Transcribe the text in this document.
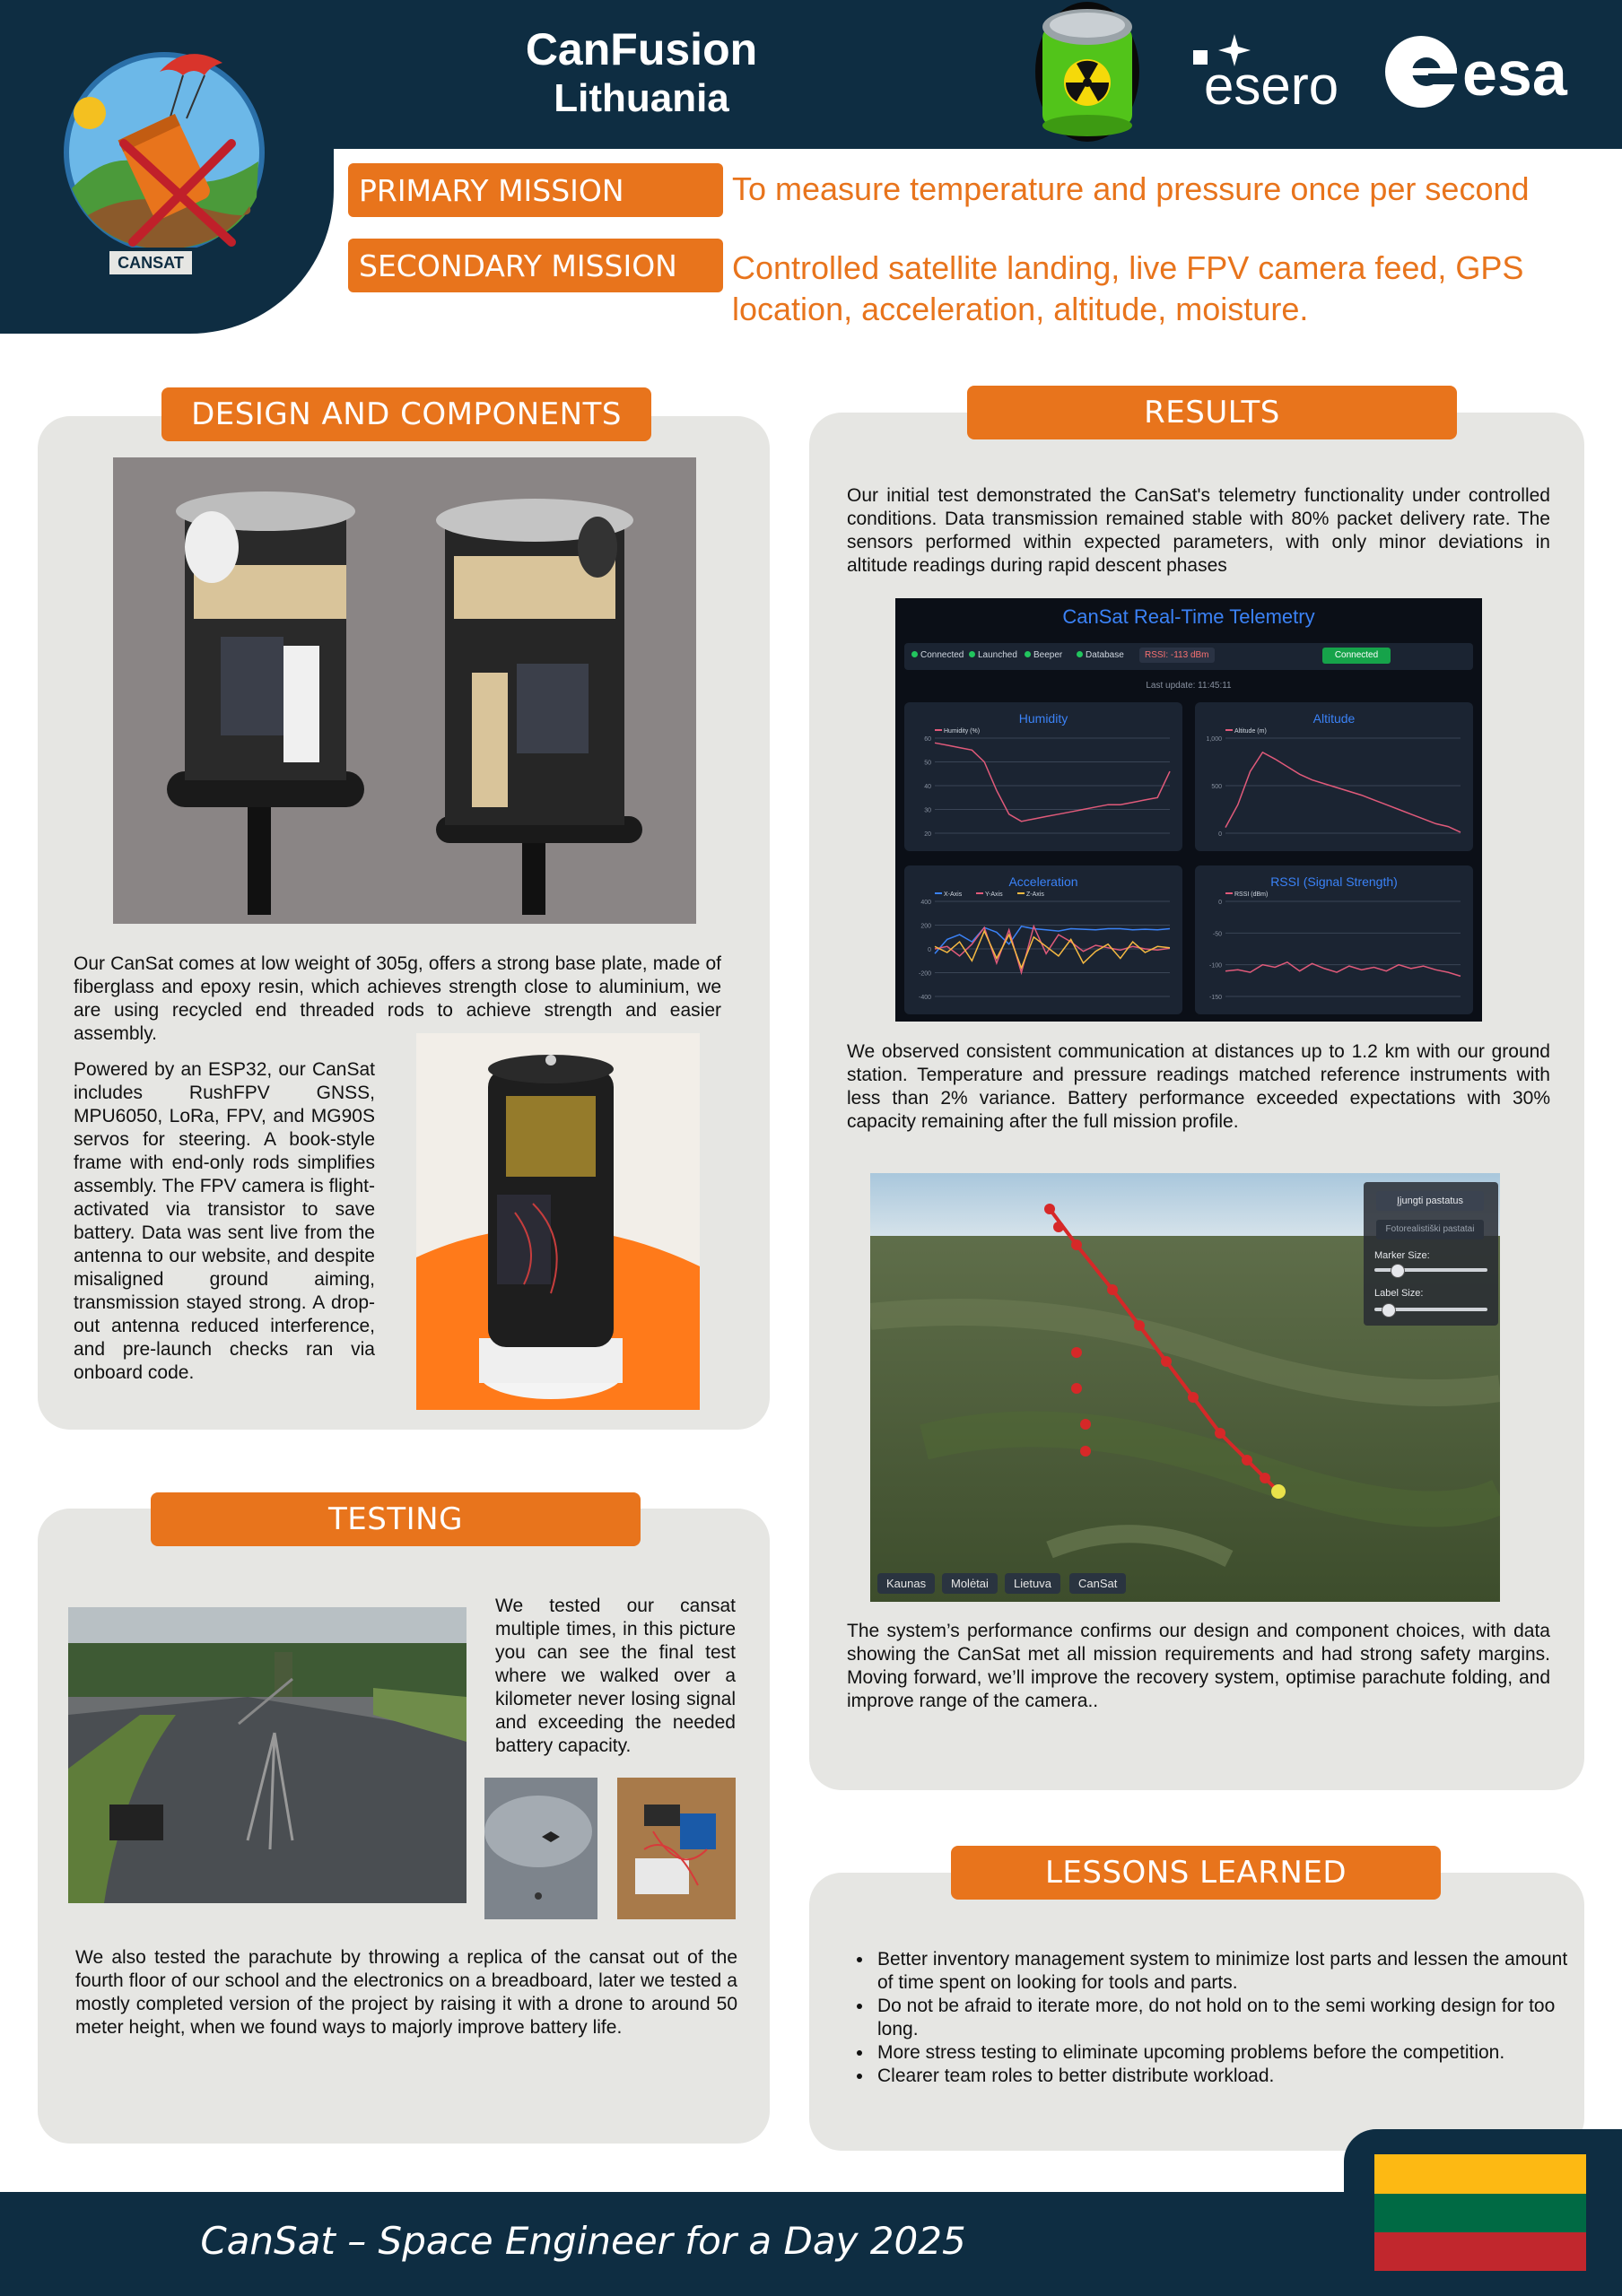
CANSAT
CanFusion
Lithuania	esero esa
PRIMARY MISSION	To measure temperature and pressure once per second
SECONDARY MISSION	Controlled satellite landing, live FPV camera feed, GPS
location, acceleration, altitude, moisture.
DESIGN AND COMPONENTS

Our CanSat comes at low weight of 305g, offers a strong base plate, made of fiberglass and epoxy resin, which achieves strength close to aluminium, we are using recycled end threaded rods to achieve strength and easier assembly.

Powered by an ESP32, our CanSat includes RushFPV GNSS, MPU6050, LoRa, FPV, and MG90S servos for steering. A book-style frame with end-only rods simplifies assembly. The FPV camera is flight-activated via transistor to save battery. Data was sent live from the antenna to our website, and despite misaligned ground aiming, transmission stayed strong. A drop-out antenna reduced interference, and pre-launch checks ran via onboard code.

TESTING

We tested our cansat multiple times, in this picture you can see the final test where we walked over a kilometer never losing signal and exceeding the needed battery capacity.

We also tested the parachute by throwing a replica of the cansat out of the fourth floor of our school and the electronics on a breadboard, later we tested a mostly completed version of the project by raising it with a drone to around 50 meter height, when we found ways to majorly improve battery life.

RESULTS

Our initial test demonstrated the CanSat's telemetry functionality under controlled conditions. Data transmission remained stable with 80% packet delivery rate. The sensors performed within expected parameters, with only minor deviations in altitude readings during rapid descent phases

CanSat Real-Time Telemetry
Connected	Launched	Beeper	Database	RSSI: -113 dBm	Connected
Last update: 11:45:11
Humidity
60
50
40
30
20
Humidity (%)
Altitude
1,000
500
0
Altitude (m)
Acceleration
400
200
0
-200
-400
X-Axis	Y-Axis	Z-Axis
RSSI (Signal Strength)
0
-50
-100
-150
RSSI (dBm)

We observed consistent communication at distances up to 1.2 km with our ground station. Temperature and pressure readings matched reference instruments with less than 2% variance. Battery performance exceeded expectations with 30% capacity remaining after the full mission profile.

Įjungti pastatus
Fotorealistiški pastatai
Marker Size:
Label Size:
Kaunas	Molėtai	Lietuva	CanSat

The system’s performance confirms our design and component choices, with data showing the CanSat met all mission requirements and had strong safety margins. Moving forward, we’ll improve the recovery system, optimise parachute folding, and improve range of the camera..

LESSONS LEARNED
• Better inventory management system to minimize lost parts and lessen the amount of time spent on looking for tools and parts.
• Do not be afraid to iterate more, do not hold on to the semi working design for too long.
• More stress testing to eliminate upcoming problems before the competition.
• Clearer team roles to better distribute workload.
CanSat – Space Engineer for a Day 2025
